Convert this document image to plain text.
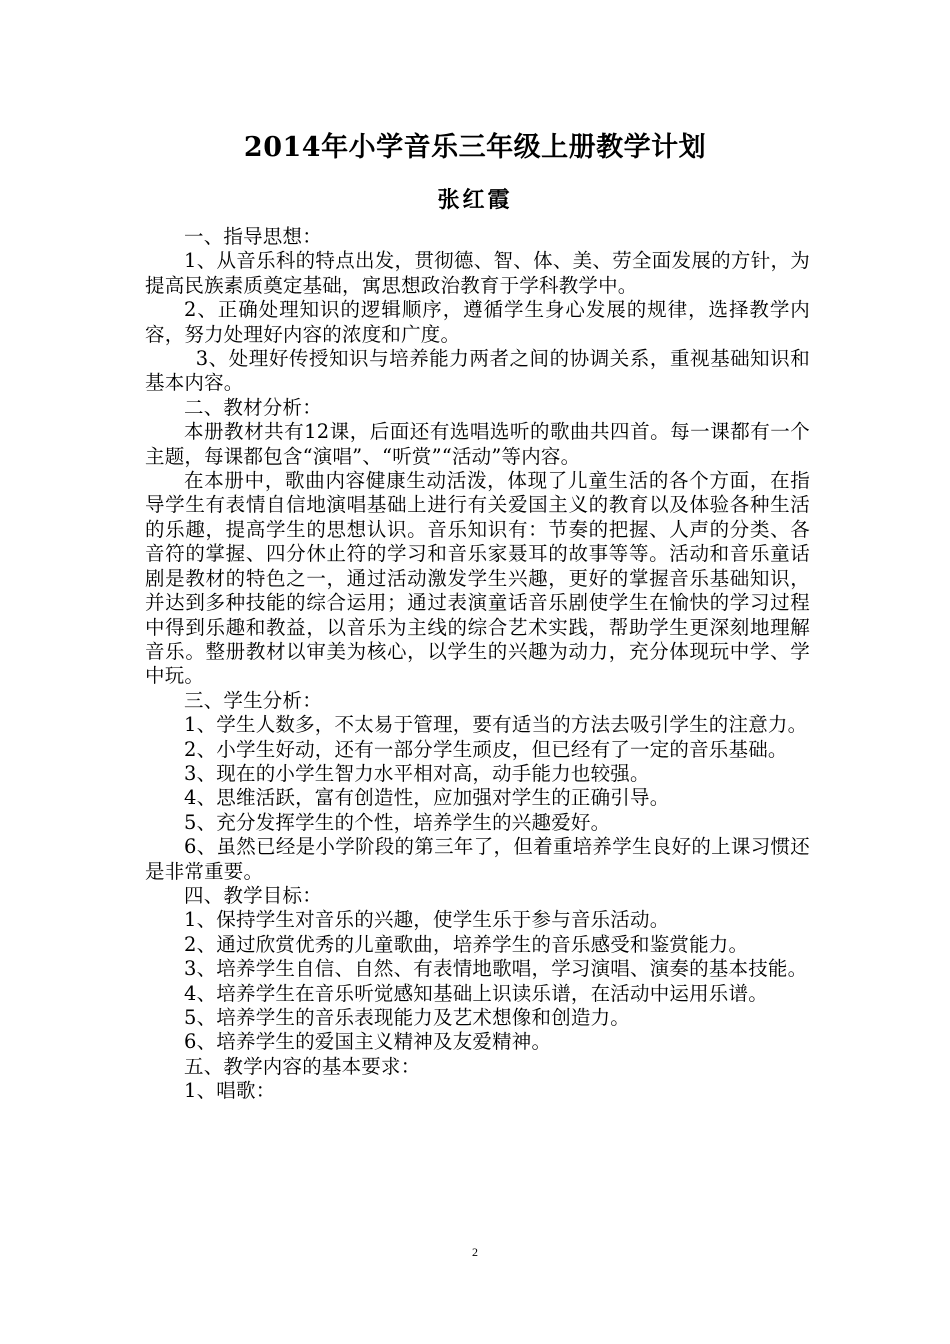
2014年小学音乐三年级上册教学计划
张红霞

一、指导思想：

1、从音乐科的特点出发，贯彻德、智、体、美、劳全面发展的方针，为提高民族素质奠定基础，寓思想政治教育于学科教学中。

2、正确处理知识的逻辑顺序，遵循学生身心发展的规律，选择教学内容，努力处理好内容的浓度和广度。

3、处理好传授知识与培养能力两者之间的协调关系，重视基础知识和基本内容。

二、教材分析：

本册教材共有12课，后面还有选唱选听的歌曲共四首。每一课都有一个主题，每课都包含“演唱”、“听赏”“活动”等内容。

在本册中，歌曲内容健康生动活泼，体现了儿童生活的各个方面，在指导学生有表情自信地演唱基础上进行有关爱国主义的教育以及体验各种生活的乐趣，提高学生的思想认识。音乐知识有：节奏的把握、人声的分类、各音符的掌握、四分休止符的学习和音乐家聂耳的故事等等。活动和音乐童话剧是教材的特色之一，通过活动激发学生兴趣，更好的掌握音乐基础知识，并达到多种技能的综合运用；通过表演童话音乐剧使学生在愉快的学习过程中得到乐趣和教益，以音乐为主线的综合艺术实践，帮助学生更深刻地理解音乐。整册教材以审美为核心，以学生的兴趣为动力，充分体现玩中学、学中玩。

三、学生分析：

1、学生人数多，不太易于管理，要有适当的方法去吸引学生的注意力。

2、小学生好动，还有一部分学生顽皮，但已经有了一定的音乐基础。

3、现在的小学生智力水平相对高，动手能力也较强。

4、思维活跃，富有创造性，应加强对学生的正确引导。

5、充分发挥学生的个性，培养学生的兴趣爱好。

6、虽然已经是小学阶段的第三年了，但着重培养学生良好的上课习惯还是非常重要。

四、教学目标：

1、保持学生对音乐的兴趣，使学生乐于参与音乐活动。

2、通过欣赏优秀的儿童歌曲，培养学生的音乐感受和鉴赏能力。

3、培养学生自信、自然、有表情地歌唱，学习演唱、演奏的基本技能。

4、培养学生在音乐听觉感知基础上识读乐谱，在活动中运用乐谱。

5、培养学生的音乐表现能力及艺术想像和创造力。

6、培养学生的爱国主义精神及友爱精神。

五、教学内容的基本要求：

1、唱歌：

2
